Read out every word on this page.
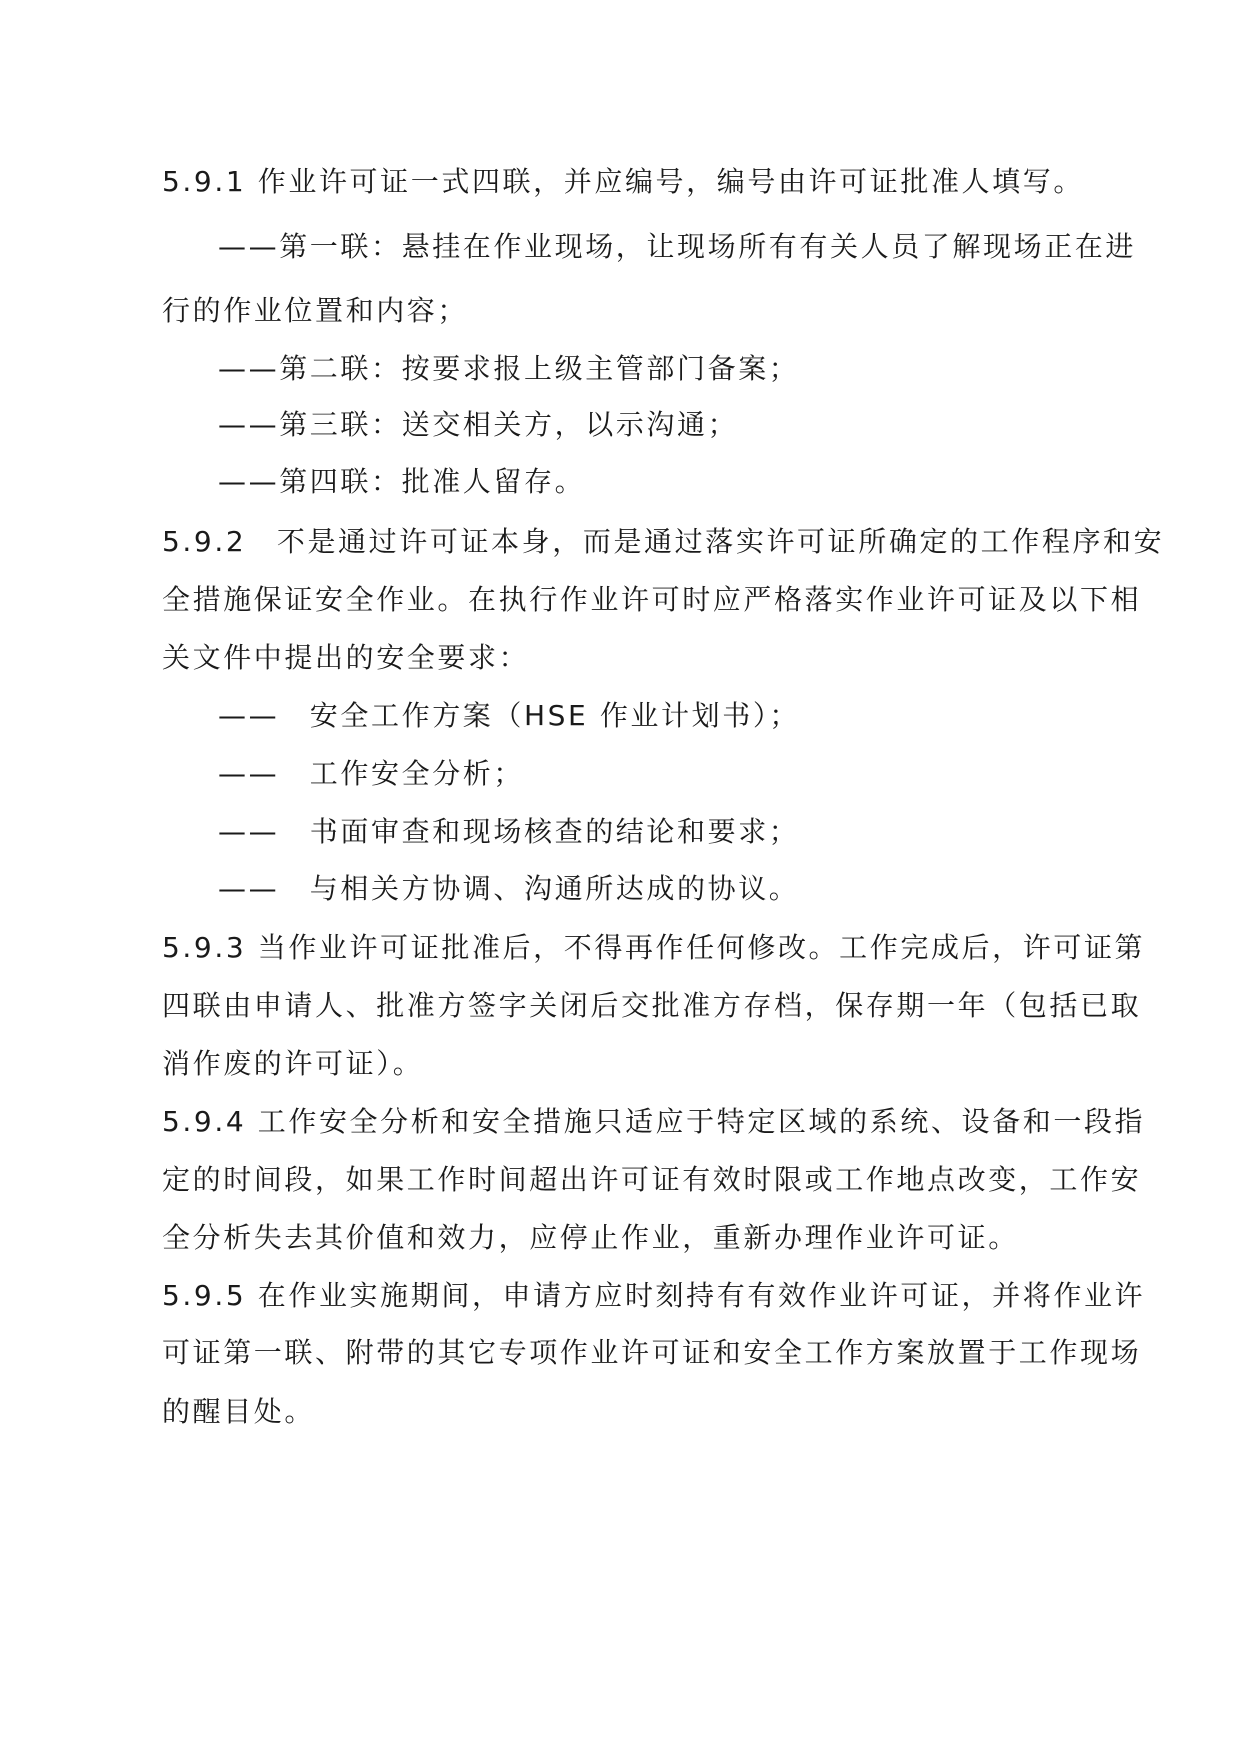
5.9.1 作业许可证一式四联，并应编号，编号由许可证批准人填写。
——第一联：悬挂在作业现场，让现场所有有关人员了解现场正在进
行的作业位置和内容；
——第二联：按要求报上级主管部门备案；
——第三联：送交相关方，以示沟通；
——第四联：批准人留存。
5.9.2　不是通过许可证本身，而是通过落实许可证所确定的工作程序和安
全措施保证安全作业。在执行作业许可时应严格落实作业许可证及以下相
关文件中提出的安全要求：
——　安全工作方案（HSE 作业计划书）；
——　工作安全分析；
——　书面审查和现场核查的结论和要求；
——　与相关方协调、沟通所达成的协议。
5.9.3 当作业许可证批准后，不得再作任何修改。工作完成后，许可证第
四联由申请人、批准方签字关闭后交批准方存档，保存期一年（包括已取
消作废的许可证）。
5.9.4 工作安全分析和安全措施只适应于特定区域的系统、设备和一段指
定的时间段，如果工作时间超出许可证有效时限或工作地点改变，工作安
全分析失去其价值和效力，应停止作业，重新办理作业许可证。
5.9.5 在作业实施期间，申请方应时刻持有有效作业许可证，并将作业许
可证第一联、附带的其它专项作业许可证和安全工作方案放置于工作现场
的醒目处。
